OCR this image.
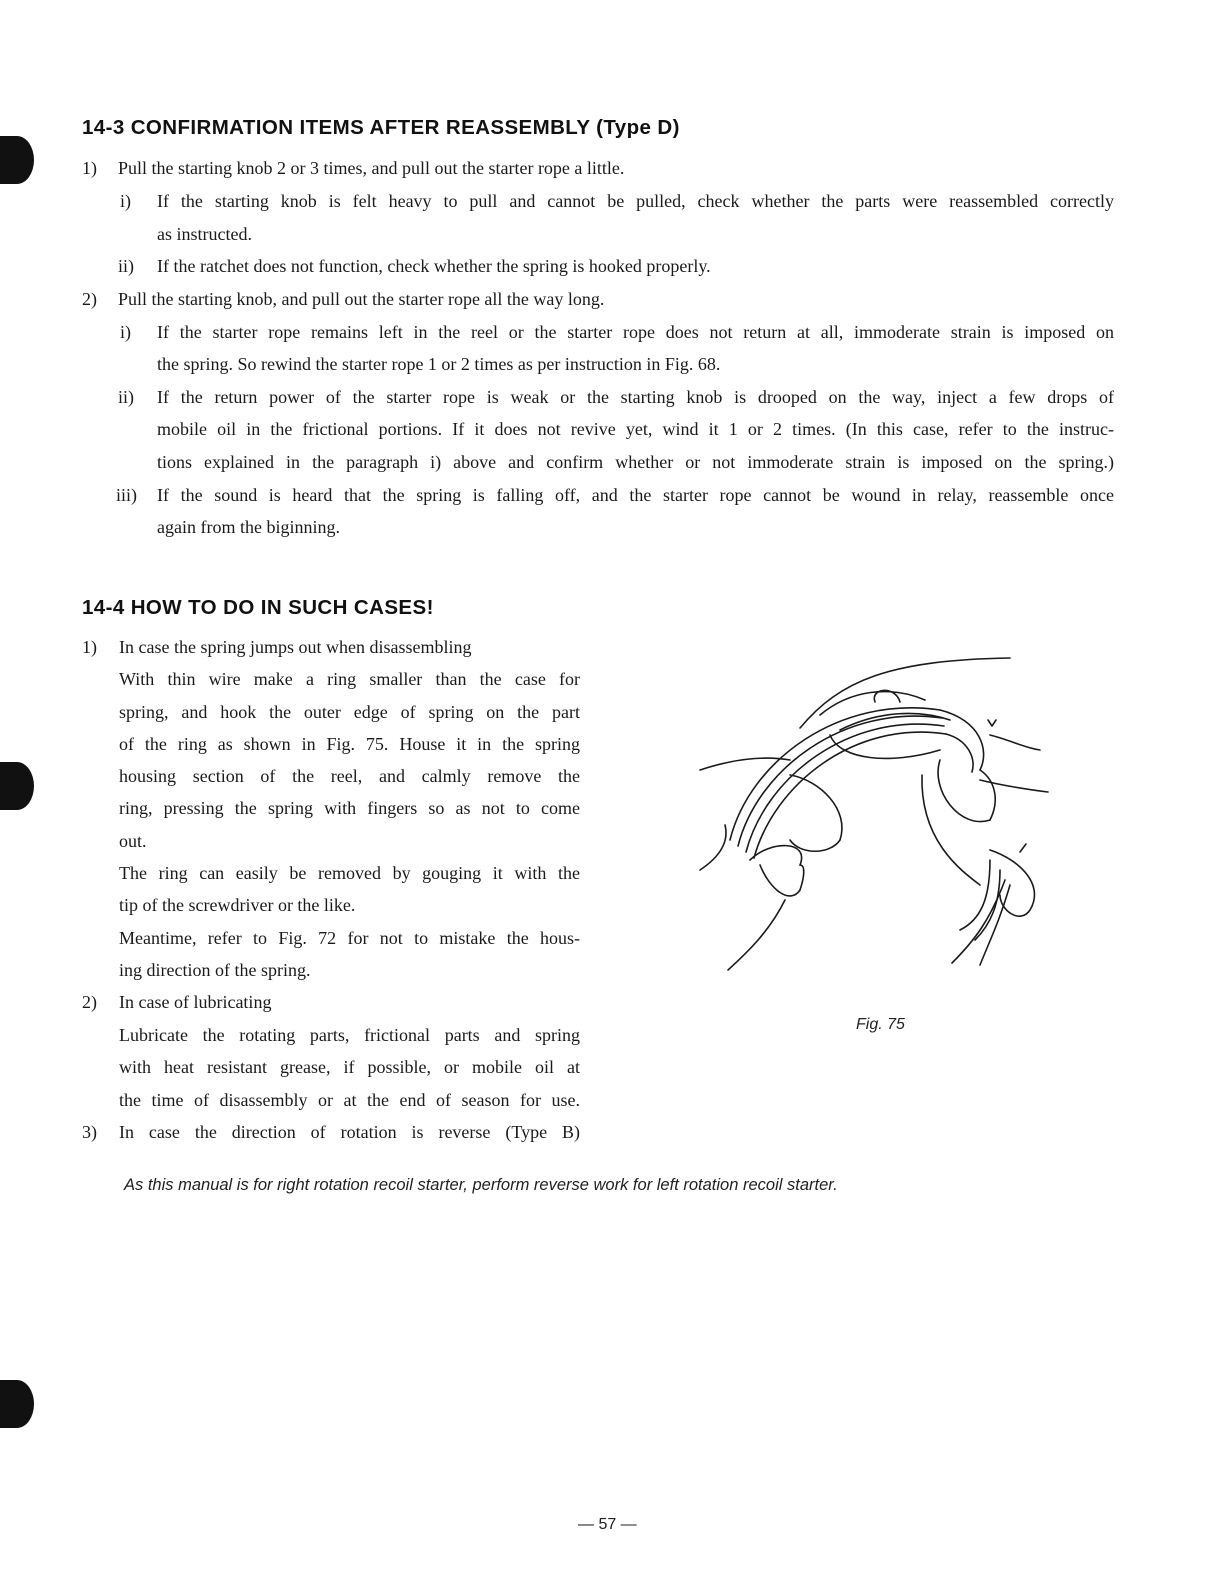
14-3 CONFIRMATION ITEMS AFTER REASSEMBLY (Type D)
1) Pull the starting knob 2 or 3 times, and pull out the starter rope a little.
i) If the starting knob is felt heavy to pull and cannot be pulled, check whether the parts were reassembled correctly
as instructed.
ii) If the ratchet does not function, check whether the spring is hooked properly.
2) Pull the starting knob, and pull out the starter rope all the way long.
i) If the starter rope remains left in the reel or the starter rope does not return at all, immoderate strain is imposed on
the spring. So rewind the starter rope 1 or 2 times as per instruction in Fig. 68.
ii) If the return power of the starter rope is weak or the starting knob is drooped on the way, inject a few drops of
mobile oil in the frictional portions. If it does not revive yet, wind it 1 or 2 times. (In this case, refer to the instruc-
tions explained in the paragraph i) above and confirm whether or not immoderate strain is imposed on the spring.)
iii) If the sound is heard that the spring is falling off, and the starter rope cannot be wound in relay, reassemble once
again from the biginning.
14-4 HOW TO DO IN SUCH CASES!
1) In case the spring jumps out when disassembling
With thin wire make a ring smaller than the case for
spring, and hook the outer edge of spring on the part
of the ring as shown in Fig. 75. House it in the spring
housing section of the reel, and calmly remove the
ring, pressing the spring with fingers so as not to come
out.
The ring can easily be removed by gouging it with the
tip of the screwdriver or the like.
Meantime, refer to Fig. 72 for not to mistake the hous-
ing direction of the spring.
2) In case of lubricating
Lubricate the rotating parts, frictional parts and spring
with heat resistant grease, if possible, or mobile oil at
the time of disassembly or at the end of season for use.
3) In case the direction of rotation is reverse (Type B)
Fig. 75
As this manual is for right rotation recoil starter, perform reverse work for left rotation recoil starter.
— 57 —
